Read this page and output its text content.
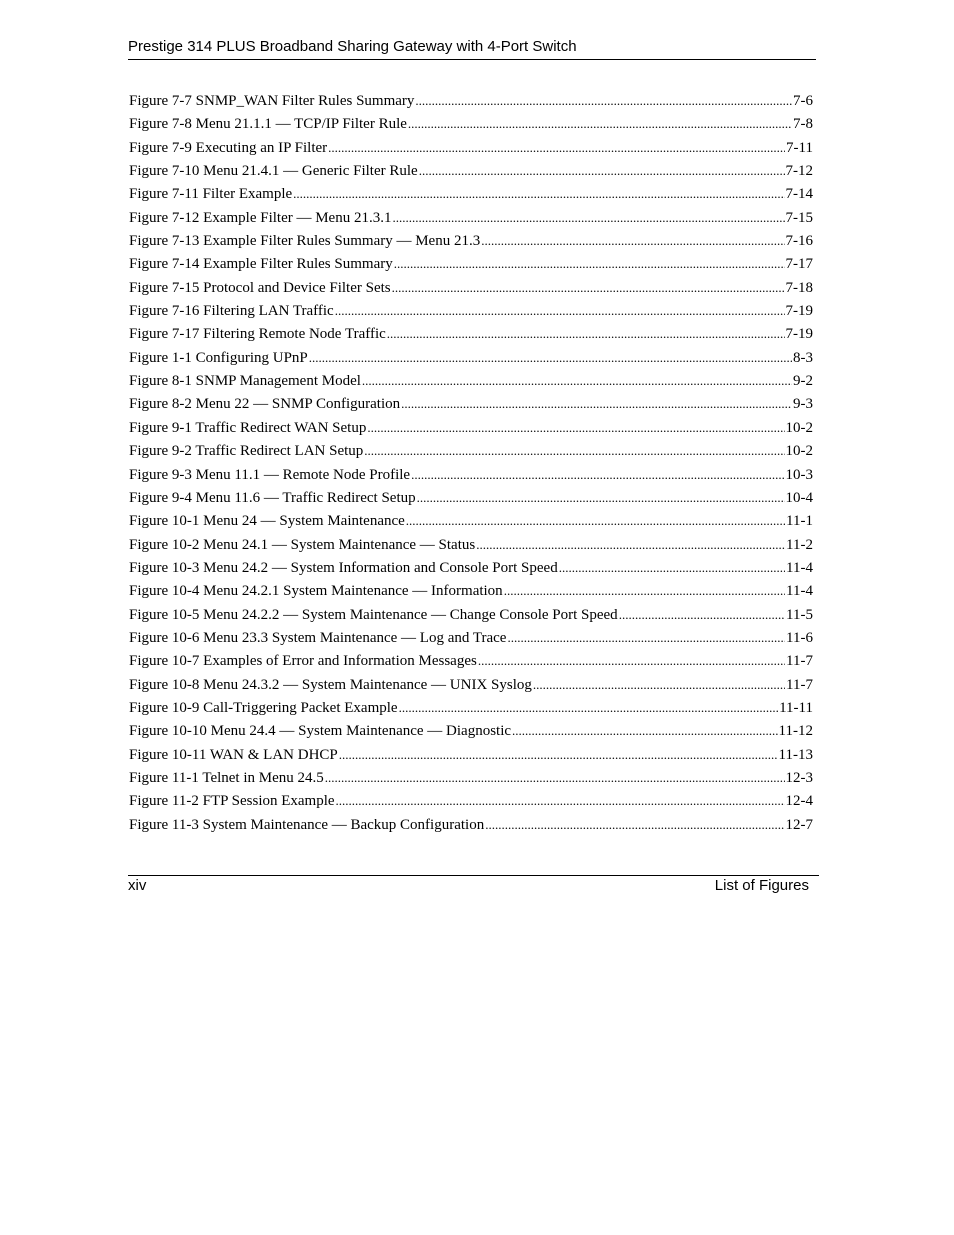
Prestige 314 PLUS Broadband Sharing Gateway with 4-Port Switch
Figure 7-7 SNMP_WAN Filter Rules Summary .....	7-6
Figure 7-8 Menu 21.1.1 — TCP/IP Filter Rule .....	7-8
Figure 7-9 Executing an IP Filter .....	7-11
Figure 7-10 Menu 21.4.1 — Generic Filter Rule .....	7-12
Figure 7-11 Filter Example .....	7-14
Figure 7-12 Example Filter — Menu 21.3.1 .....	7-15
Figure 7-13 Example Filter Rules Summary — Menu 21.3 .....	7-16
Figure 7-14 Example Filter Rules Summary .....	7-17
Figure 7-15 Protocol and Device Filter Sets .....	7-18
Figure 7-16 Filtering LAN Traffic .....	7-19
Figure 7-17 Filtering Remote Node Traffic .....	7-19
Figure 1-1 Configuring UPnP .....	8-3
Figure 8-1 SNMP Management Model .....	9-2
Figure 8-2 Menu 22 — SNMP Configuration .....	9-3
Figure 9-1 Traffic Redirect WAN Setup .....	10-2
Figure 9-2 Traffic Redirect LAN Setup .....	10-2
Figure 9-3 Menu 11.1 — Remote Node Profile .....	10-3
Figure 9-4 Menu 11.6 — Traffic Redirect Setup .....	10-4
Figure 10-1 Menu 24 — System Maintenance .....	11-1
Figure 10-2 Menu 24.1 — System Maintenance — Status .....	11-2
Figure 10-3 Menu 24.2 — System Information and Console Port Speed .....	11-4
Figure 10-4 Menu 24.2.1 System Maintenance — Information .....	11-4
Figure 10-5 Menu 24.2.2 — System Maintenance — Change Console Port Speed .....	11-5
Figure 10-6 Menu 23.3 System Maintenance — Log and Trace .....	11-6
Figure 10-7 Examples of Error and Information Messages .....	11-7
Figure 10-8 Menu 24.3.2 — System Maintenance — UNIX Syslog .....	11-7
Figure 10-9 Call-Triggering Packet Example .....	11-11
Figure 10-10 Menu 24.4 — System Maintenance — Diagnostic .....	11-12
Figure 10-11 WAN & LAN DHCP .....	11-13
Figure 11-1 Telnet in Menu 24.5 .....	12-3
Figure 11-2 FTP Session Example .....	12-4
Figure 11-3 System Maintenance — Backup Configuration .....	12-7
xiv	List of Figures
